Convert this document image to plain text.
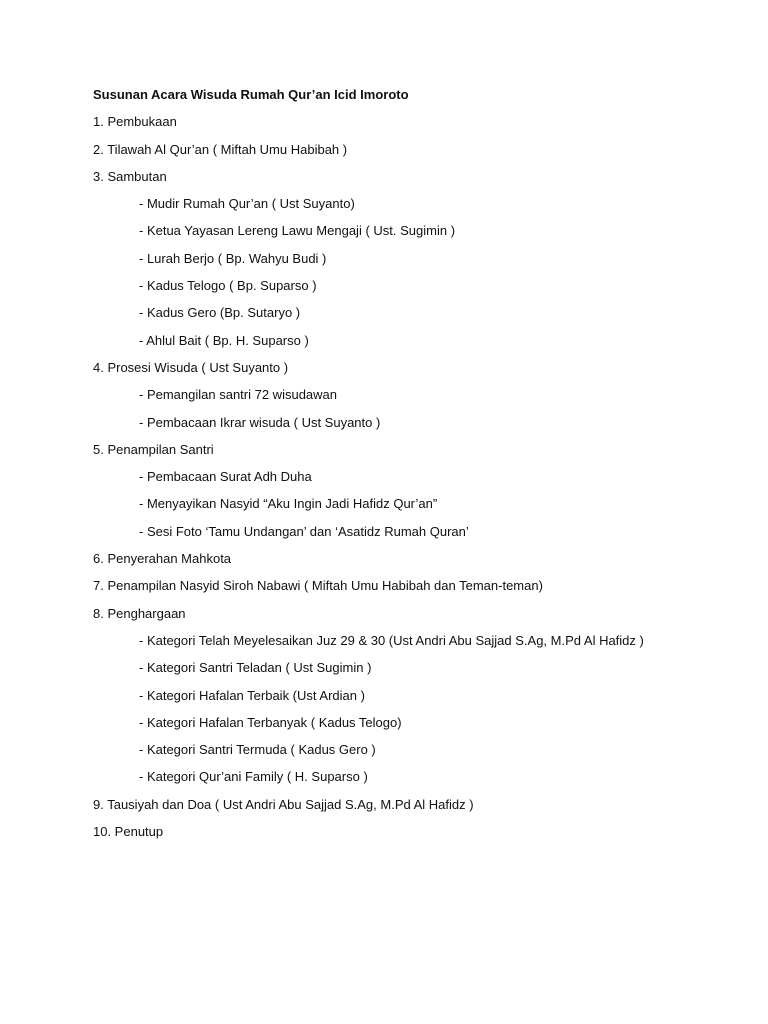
Susunan Acara Wisuda Rumah Qur’an Icid Imoroto
1. Pembukaan
2. Tilawah Al Qur’an ( Miftah Umu Habibah )
3. Sambutan
- Mudir Rumah Qur’an ( Ust Suyanto)
- Ketua Yayasan Lereng Lawu Mengaji ( Ust. Sugimin )
- Lurah Berjo ( Bp. Wahyu Budi )
- Kadus Telogo ( Bp. Suparso )
- Kadus Gero (Bp. Sutaryo )
- Ahlul Bait ( Bp. H. Suparso )
4. Prosesi Wisuda ( Ust Suyanto )
- Pemangilan santri 72 wisudawan
- Pembacaan Ikrar wisuda ( Ust Suyanto )
5. Penampilan Santri
- Pembacaan Surat Adh Duha
- Menyayikan Nasyid “Aku Ingin Jadi Hafidz Qur’an”
- Sesi Foto ‘Tamu Undangan’ dan ‘Asatidz Rumah Quran’
6. Penyerahan Mahkota
7. Penampilan Nasyid Siroh Nabawi ( Miftah Umu Habibah dan Teman-teman)
8. Penghargaan
- Kategori Telah Meyelesaikan Juz 29 & 30 (Ust Andri Abu Sajjad S.Ag, M.Pd Al Hafidz )
- Kategori Santri Teladan ( Ust Sugimin )
- Kategori Hafalan Terbaik (Ust Ardian )
- Kategori Hafalan Terbanyak ( Kadus Telogo)
- Kategori Santri Termuda ( Kadus Gero )
- Kategori Qur’ani Family ( H. Suparso )
9. Tausiyah dan Doa ( Ust Andri Abu Sajjad S.Ag, M.Pd Al Hafidz )
10. Penutup
